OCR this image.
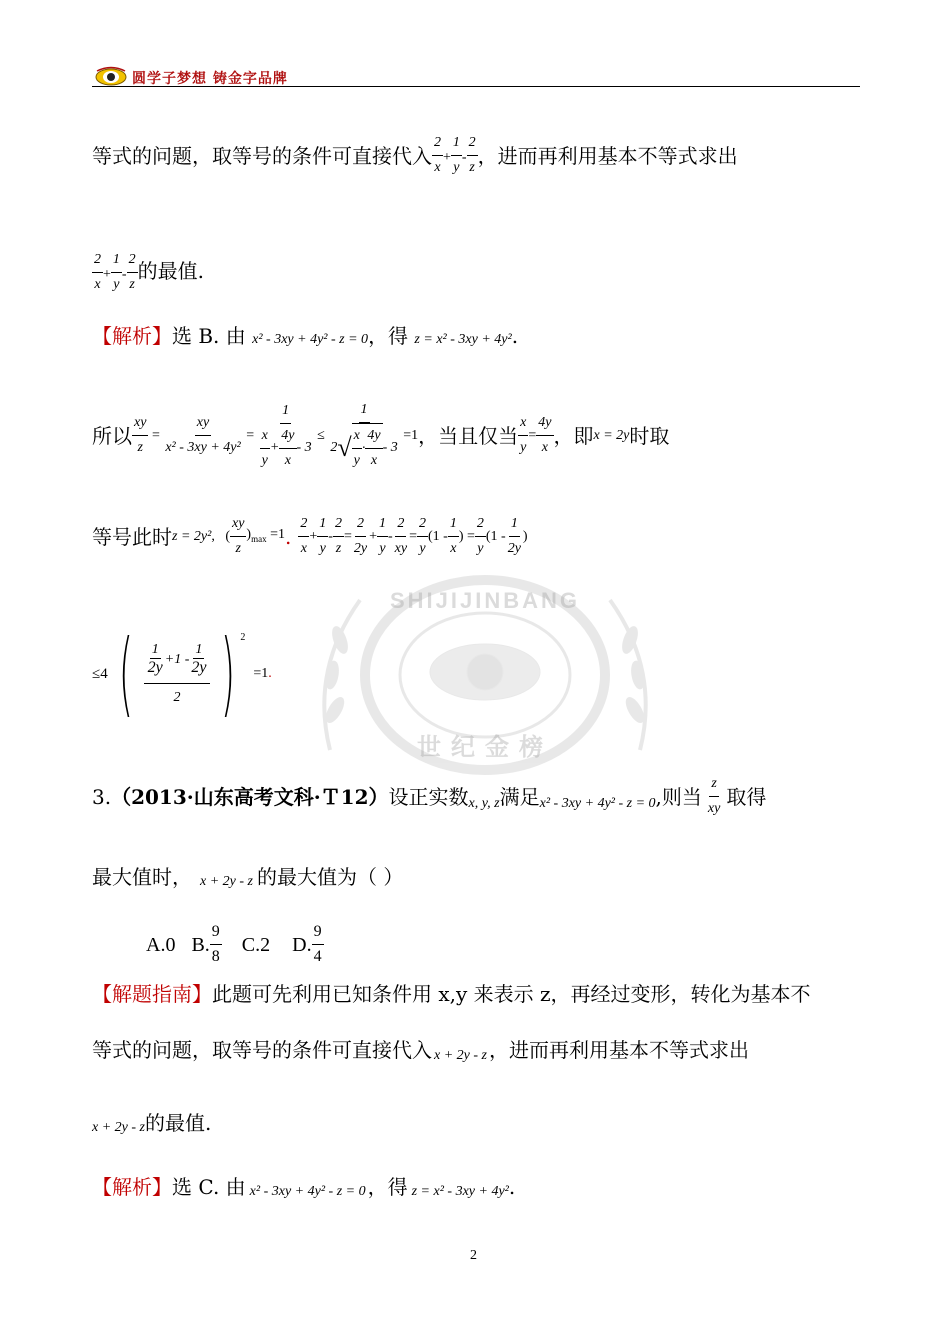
圆学子梦想 铸金字品牌
SHIJIJINBANG
世纪金榜
等式的问题，取等号的条件可直接代入 $\frac{2}{x} + \frac{1}{y} - \frac{2}{z}$ ，进而再利用基本不等式求出
$\frac{2}{x} + \frac{1}{y} - \frac{2}{z}$ 的最值.
【解析】选 B. 由 x² - 3xy + 4y² - z = 0，得 z = x² - 3xy + 4y².
所以 $\frac{xy}{z} = \frac{xy}{\text{x² - 3xy + 4y²}} = \frac{1}{\frac{x}{y} + \frac{4y}{x} - 3} \le \frac{1}{2 √ \frac{x}{y} \cdot \frac{4y}{x} - 3} =1$ ，当且仅当 $\frac{x}{y} = \frac{4y}{x}$ ，即 x = 2y 时取
等号此时 z = 2y² ,   ( $\frac{xy}{z} )_{max} =1$ .
$\frac{2}{x} + \frac{1}{y} - \frac{2}{z} = \frac{2}{2y} + \frac{1}{y} - \frac{2}{xy} = \frac{2}{y} (1 - \frac{1}{x}$ ) = $\frac{2}{y} (1 - \frac{1}{2y}$ )
≤4 ( $\frac{\frac{1}{2y} +1 - \frac{1}{2y}}{2}$ ) 2
=1 .
3. （2013·山东高考文科·Ｔ12） 设正实数 x, y, z 满足 x² - 3xy + 4y² - z = 0 ,则当 $\frac{z}{xy}$ 取得
最大值时， x + 2y - z 的最大值为（ ）
A.0 B. $\frac{9}{8} C.2$ D. $\frac{9}{4}$
【解题指南】此题可先利用已知条件用 x,y 来表示 z，再经过变形，转化为基本不
等式的问题，取等号的条件可直接代入 x + 2y - z ，进而再利用基本不等式求出
x + 2y - z 的最值.
【解析】 选 C. 由 x² - 3xy + 4y² - z = 0 ，得 z = x² - 3xy + 4y² .
2
